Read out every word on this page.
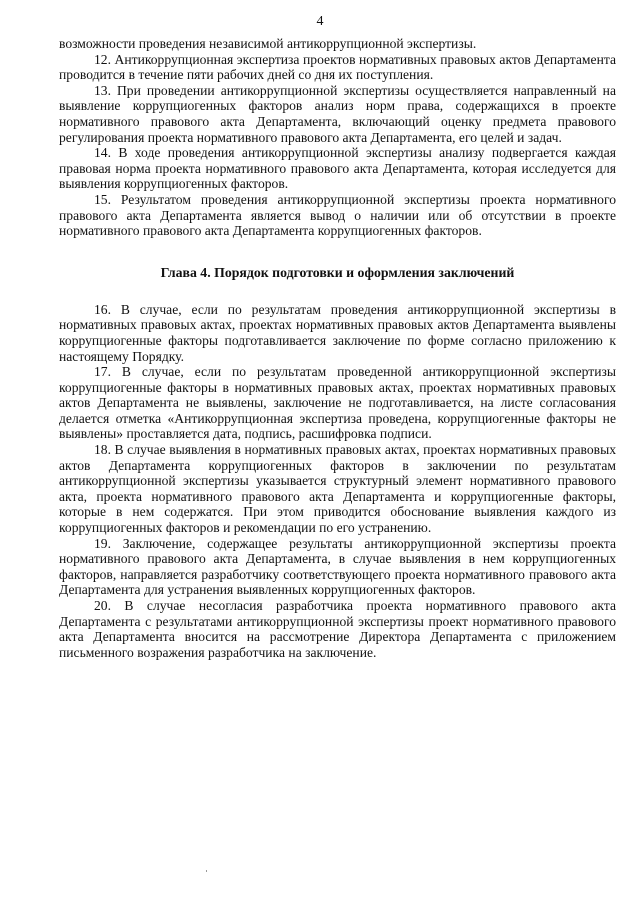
4

возможности проведения независимой антикоррупционной экспертизы.

12. Антикоррупционная экспертиза проектов нормативных правовых актов Департамента проводится в течение пяти рабочих дней со дня их поступления.

13. При проведении антикоррупционной экспертизы осуществляется направленный на выявление коррупциогенных факторов анализ норм права, содержащихся в проекте нормативного правового акта Департамента, включающий оценку предмета правового регулирования проекта нормативного правового акта Департамента, его целей и задач.

14. В ходе проведения антикоррупционной экспертизы анализу подвергается каждая правовая норма проекта нормативного правового акта Департамента, которая исследуется для выявления коррупциогенных факторов.

15. Результатом проведения антикоррупционной экспертизы проекта нормативного правового акта Департамента является вывод о наличии или об отсутствии в проекте нормативного правового акта Департамента коррупциогенных факторов.

Глава 4. Порядок подготовки и оформления заключений

16. В случае, если по результатам проведения антикоррупционной экспертизы в нормативных правовых актах, проектах нормативных правовых актов Департамента выявлены коррупциогенные факторы подготавливается заключение по форме согласно приложению к настоящему Порядку.

17. В случае, если по результатам проведенной антикоррупционной экспертизы коррупциогенные факторы в нормативных правовых актах, проектах нормативных правовых актов Департамента не выявлены, заключение не подготавливается, на листе согласования делается отметка «Антикоррупционная экспертиза проведена, коррупциогенные факторы не выявлены» проставляется дата, подпись, расшифровка подписи.

18. В случае выявления в нормативных правовых актах, проектах нормативных правовых актов Департамента коррупциогенных факторов в заключении по результатам антикоррупционной экспертизы указывается структурный элемент нормативного правового акта, проекта нормативного правового акта Департамента и коррупциогенные факторы, которые в нем содержатся. При этом приводится обоснование выявления каждого из коррупциогенных факторов и рекомендации по его устранению.

19. Заключение, содержащее результаты антикоррупционной экспертизы проекта нормативного правового акта Департамента, в случае выявления в нем коррупциогенных факторов, направляется разработчику соответствующего проекта нормативного правового акта Департамента для устранения выявленных коррупциогенных факторов.

20. В случае несогласия разработчика проекта нормативного правового акта Департамента с результатами антикоррупционной экспертизы проект нормативного правового акта Департамента вносится на рассмотрение Директора Департамента с приложением письменного возражения разработчика на заключение.
